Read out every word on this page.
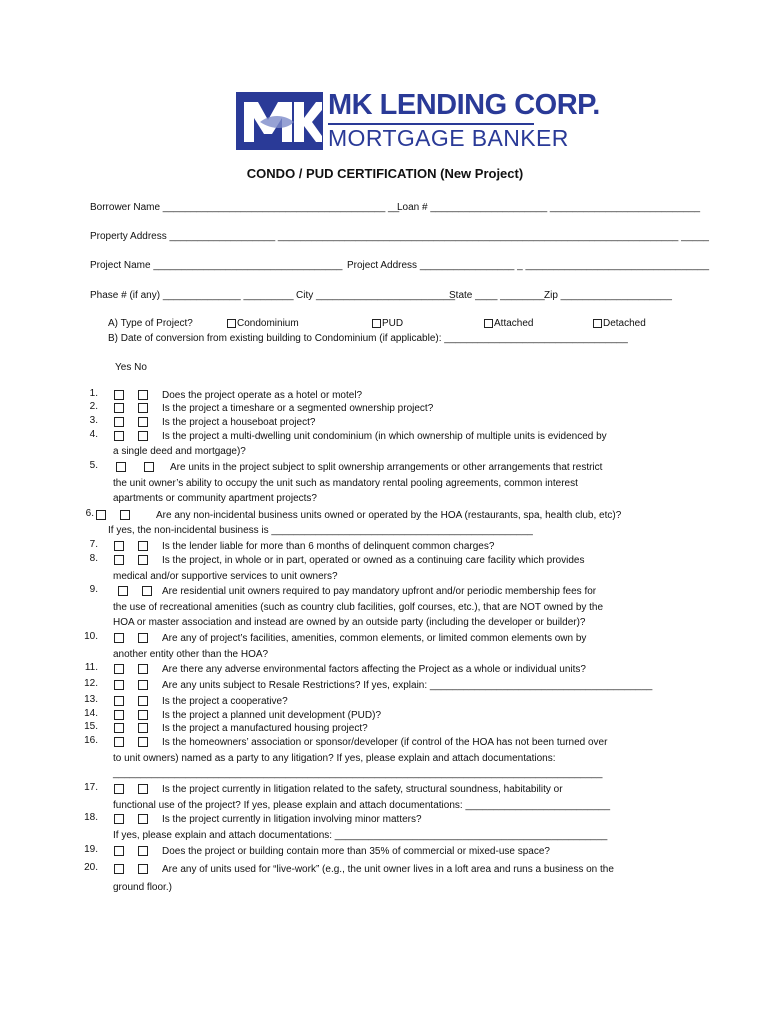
MK LENDING CORP.
MORTGAGE BANKER
CONDO / PUD CERTIFICATION (New Project)
Borrower Name ________________________________________ __
Loan # _____________________ ___________________________
Property Address ___________________ ________________________________________________________________________ _____
Project Name __________________________________ Project Address _________________ _ _________________________________
Phase # (if any) ______________ _________ City _________________________
State ____ ________ Zip ____________________
A) Type of Project?	Condominium	PUD	Attached	Detached
B) Date of conversion from existing building to Condominium (if applicable): _________________________________
Yes No
1.	Does the project operate as a hotel or motel?
2.	Is the project a timeshare or a segmented ownership project?
3.	Is the project a houseboat project?
4.	Is the project a multi-dwelling unit condominium (in which ownership of multiple units is evidenced by
a single deed and mortgage)?
5.	Are units in the project subject to split ownership arrangements or other arrangements that restrict
the unit owner’s ability to occupy the unit such as mandatory rental pooling agreements, common interest
apartments or community apartment projects?
6.	Are any non-incidental business units owned or operated by the HOA (restaurants, spa, health club, etc)?
If yes, the non-incidental business is _______________________________________________
7.	Is the lender liable for more than 6 months of delinquent common charges?
8.	Is the project, in whole or in part, operated or owned as a continuing care facility which provides
medical and/or supportive services to unit owners?
9.	Are residential unit owners required to pay mandatory upfront and/or periodic membership fees for
the use of recreational amenities (such as country club facilities, golf courses, etc.), that are NOT owned by the
HOA or master association and instead are owned by an outside party (including the developer or builder)?
10.	Are any of project’s facilities, amenities, common elements, or limited common elements own by
another entity other than the HOA?
11.	Are there any adverse environmental factors affecting the Project as a whole or individual units?
12.	Are any units subject to Resale Restrictions? If yes, explain: ________________________________________
13.	Is the project a cooperative?
14.	Is the project a planned unit development (PUD)?
15.	Is the project a manufactured housing project?
16.	Is the homeowners’ association or sponsor/developer (if control of the HOA has not been turned over
to unit owners) named as a party to any litigation? If yes, please explain and attach documentations:
________________________________________________________________________________________
17.	Is the project currently in litigation related to the safety, structural soundness, habitability or
functional use of the project? If yes, please explain and attach documentations: __________________________
18.	Is the project currently in litigation involving minor matters?
If yes, please explain and attach documentations: _________________________________________________
19.	Does the project or building contain more than 35% of commercial or mixed-use space?
20.	Are any of units used for “live-work” (e.g., the unit owner lives in a loft area and runs a business on the
ground floor.)
